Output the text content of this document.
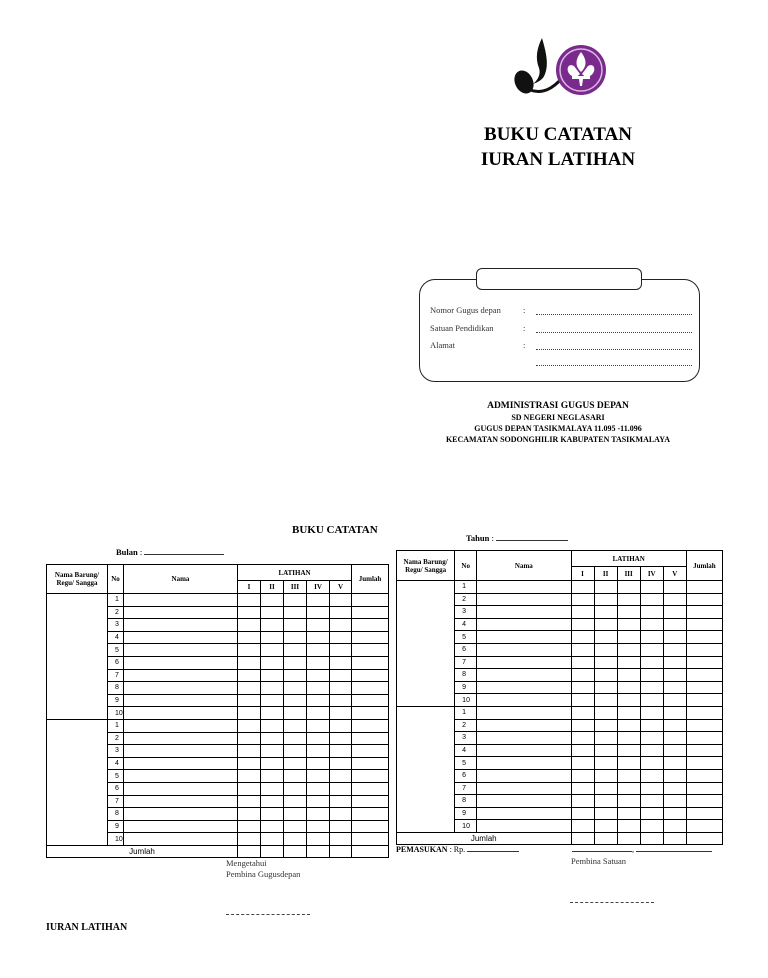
BUKU CATATAN
IURAN LATIHAN
Nomor Gugus depan	:
Satuan Pendidikan	:
Alamat	:
ADMINISTRASI GUGUS DEPAN
SD NEGERI NEGLASARI
GUGUS DEPAN TASIKMALAYA 11.095 -11.096
KECAMATAN SODONGHILIR KABUPATEN TASIKMALAYA
BUKU CATATAN
Bulan :
Nama Barung/ Regu/ Sangga	No	Nama	LATIHAN					Jumlah
			I	II	III	IV	V	
	1							
	2							
	3							
	4							
	5							
	6							
	7							
	8							
	9							
	10							
	1							
	2							
	3							
	4							
	5							
	6							
	7							
	8							
	9							
	10							
Jumlah								
Mengetahui
Pembina Gugusdepan
IURAN LATIHAN
Tahun :
Nama Barung/ Regu/ Sangga	No	Nama	LATIHAN					Jumlah
			I	II	III	IV	V	
	1							
	2							
	3							
	4							
	5							
	6							
	7							
	8							
	9							
	10							
	1							
	2							
	3							
	4							
	5							
	6							
	7							
	8							
	9							
	10							
Jumlah								
PEMASUKAN : Rp.	,
Pembina Satuan
